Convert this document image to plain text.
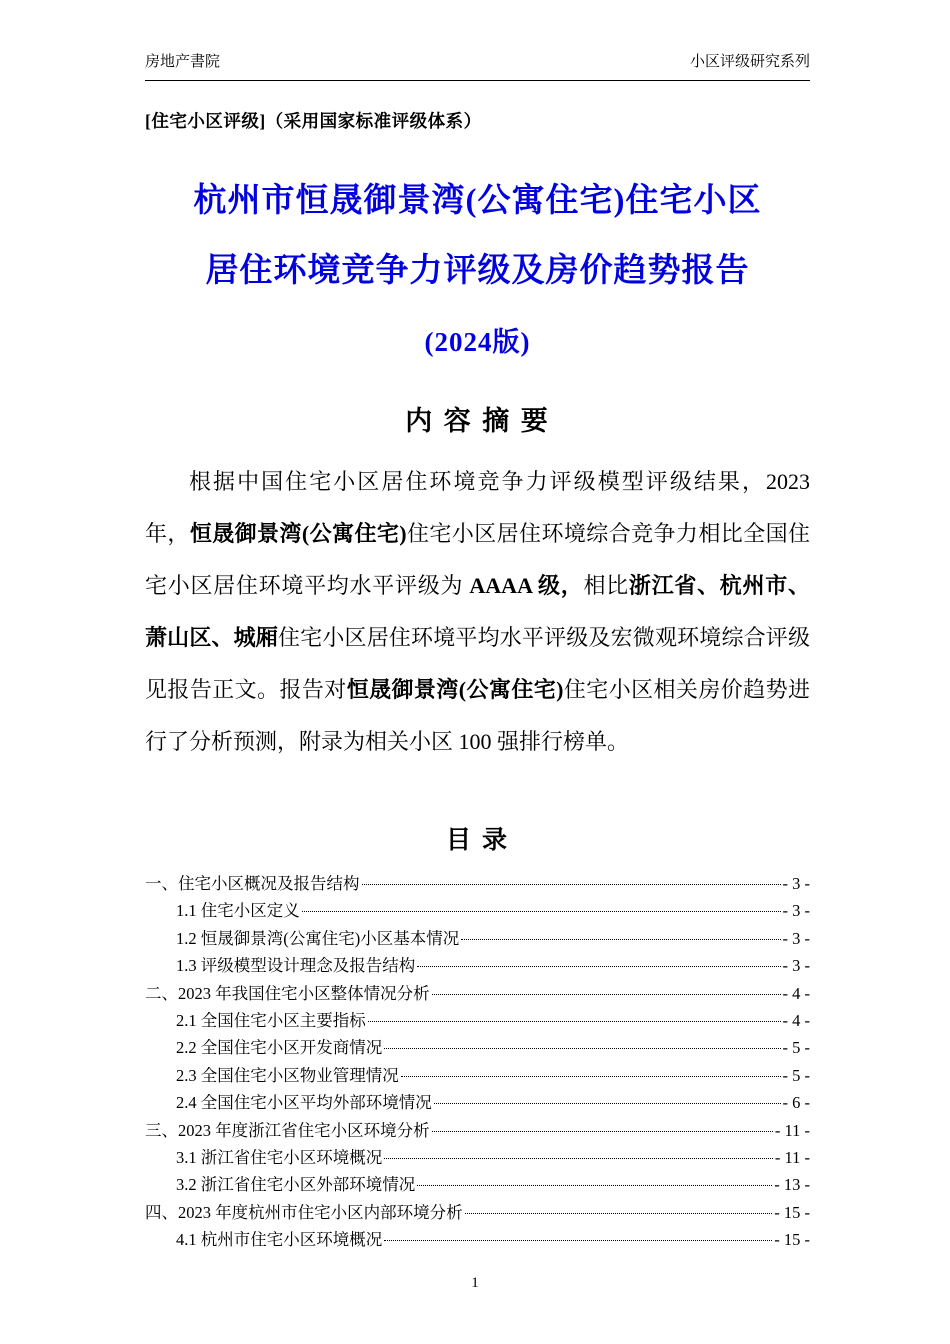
房地产書院	小区评级研究系列
[住宅小区评级]（采用国家标准评级体系）
杭州市恒晟御景湾(公寓住宅)住宅小区
居住环境竞争力评级及房价趋势报告
(2024版)
内 容 摘 要

根据中国住宅小区居住环境竞争力评级模型评级结果，2023 年，恒晟御景湾(公寓住宅)住宅小区居住环境综合竞争力相比全国住宅小区居住环境平均水平评级为 AAAA 级，相比浙江省、杭州市、萧山区、城厢住宅小区居住环境平均水平评级及宏微观环境综合评级见报告正文。报告对恒晟御景湾(公寓住宅)住宅小区相关房价趋势进行了分析预测，附录为相关小区 100 强排行榜单。

目 录
一、住宅小区概况及报告结构	- 3 -
1.1 住宅小区定义	- 3 -
1.2 恒晟御景湾(公寓住宅)小区基本情况	- 3 -
1.3 评级模型设计理念及报告结构	- 3 -
二、2023 年我国住宅小区整体情况分析	- 4 -
2.1 全国住宅小区主要指标	- 4 -
2.2 全国住宅小区开发商情况	- 5 -
2.3 全国住宅小区物业管理情况	- 5 -
2.4 全国住宅小区平均外部环境情况	- 6 -
三、2023 年度浙江省住宅小区环境分析	- 11 -
3.1 浙江省住宅小区环境概况	- 11 -
3.2 浙江省住宅小区外部环境情况	- 13 -
四、2023 年度杭州市住宅小区内部环境分析	- 15 -
4.1 杭州市住宅小区环境概况	- 15 -
1
